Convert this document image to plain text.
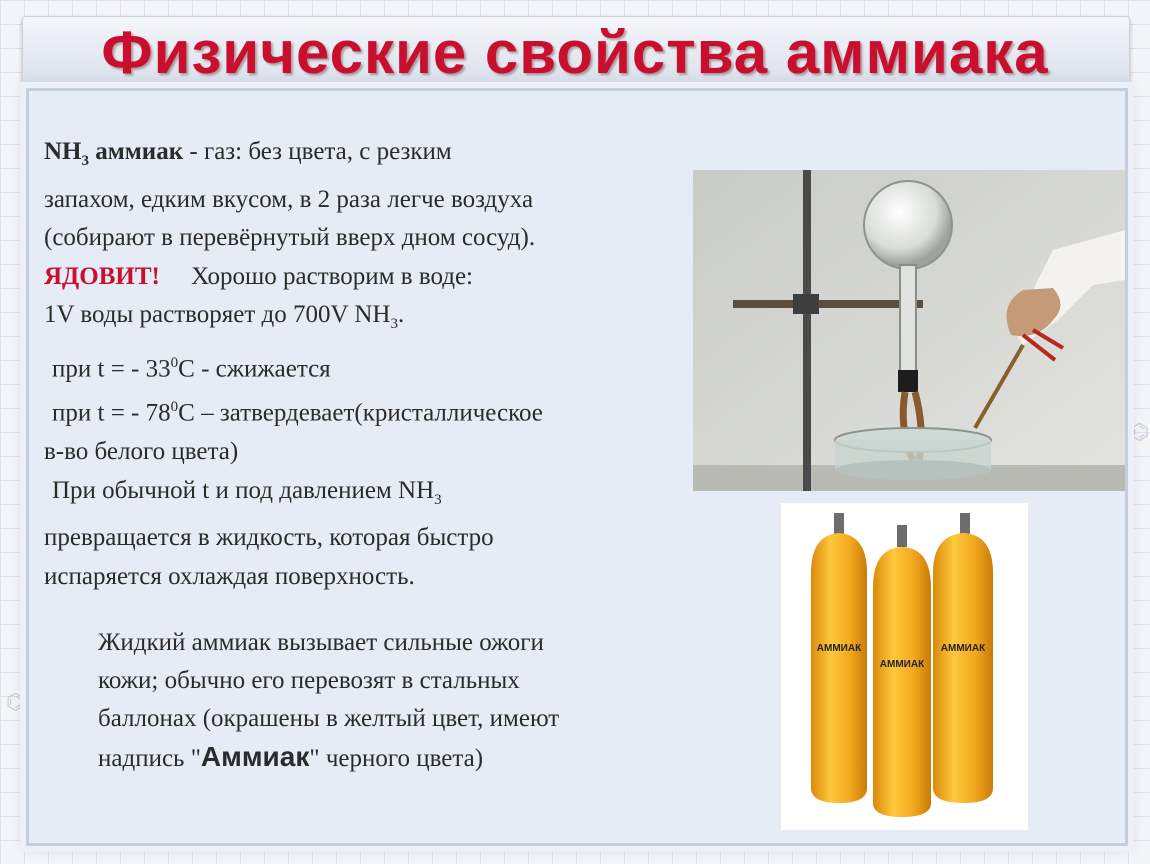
⌬
⌬
Физические свойства аммиака

$NH_3$ аммиак - газ: без цвета, с резким

запахом, едким вкусом, в 2 раза легче воздуха

(собирают в перевёрнутый вверх дном сосуд).

ЯДОВИТ! Хорошо растворим в воде:

1V воды растворяет до 700V $NH_3$.

при t = - $33^0С$ - сжижается

при t = - $78^0С$ – затвердевает(кристаллическое

в-во белого цвета)

При обычной t и под давлением $NH_3$

превращается в жидкость, которая быстро

испаряется охлаждая поверхность.

Жидкий аммиак вызывает сильные ожоги
кожи; обычно его перевозят в стальных
баллонах (окрашены в желтый цвет, имеют
надпись "Аммиак" черного цвета)
АММИАК
АММИАК
АММИАК
